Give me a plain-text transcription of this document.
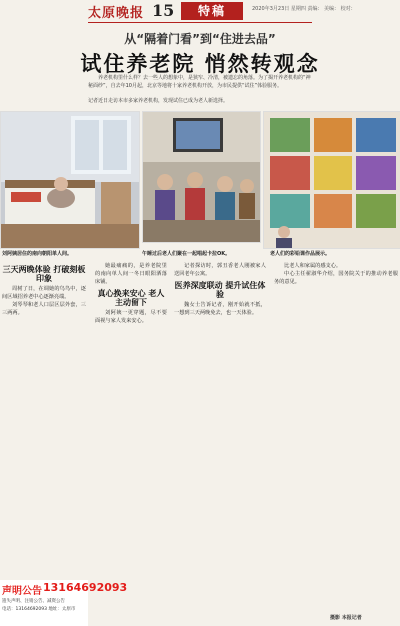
太原晚报 15	特稿	2020年3月23日 星期四 责编： 美编： 校对：
从“隔着门看”到“住进去品”
试住养老院 悄然转观念
养老机构里什么样？去一些人的想象中，是狭窄、冷清，被遗忘的角落。为了揭开养老机构的“神秘面纱”，自去年10月起，北京等地将十家养老机构开放，为市民提供“试住”体验服务。
记者近日走访本市多家养老机构，发现试住已成为老人新选择。
刘阿姨居住的南向朝阳单人间。	午睡过后老人们聚在一起唱起卡拉OK。	老人们的彩铅课作品展示。
三天两晚体验 打破刻板印象

周树了日，在调她的鸟鸟中，逐间区域招养老中心逐渐亮端。

刘琴琴和老人口层区层外套，三三两两。

她最痛痛的，是养老院里的南向单人间一冬日眼阳洒落床铺。

真心换来安心 老人主动留下

刘阿姨一更穿题，尽不要面视与家人发来安心。

记者探访时，郭丑香老人刚被家人送回老年公寓。

医养深度联动 提升试住体验

魏女士告诉记者，刚开始就不抵，一想到三天两晚免去，也一天体验。

比老人和家属的感支心。

中心主任翟淑华介绍，国务院关于的推动养老服务的意见。

摄影 本报记者
声明公告 13164692093
遗失声明、注销公告、减资公告
电话：13164692093 地址：太原市
